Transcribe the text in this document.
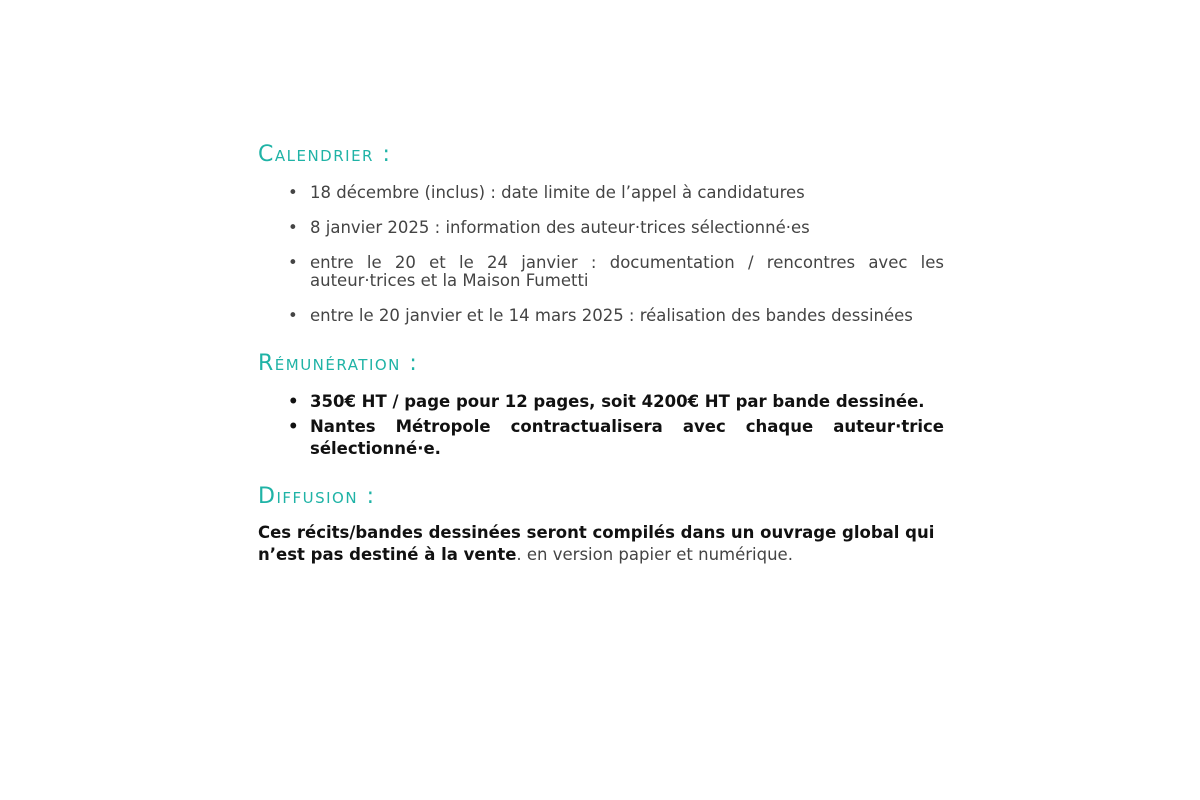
Calendrier :
• 18 décembre (inclus) : date limite de l’appel à candidatures
• 8 janvier 2025 : information des auteur·trices sélectionné·es
• entre le 20 et le 24 janvier : documentation / rencontres avec les auteur·trices et la Maison Fumetti
• entre le 20 janvier et le 14 mars 2025 : réalisation des bandes dessinées
Rémunération :
• 350€ HT / page pour 12 pages, soit 4200€ HT par bande dessinée.
• Nantes Métropole contractualisera avec chaque auteur·trice sélectionné·e.
Diffusion :

Ces récits/bandes dessinées seront compilés dans un ouvrage global qui n’est pas destiné à la vente. en version papier et numérique.
